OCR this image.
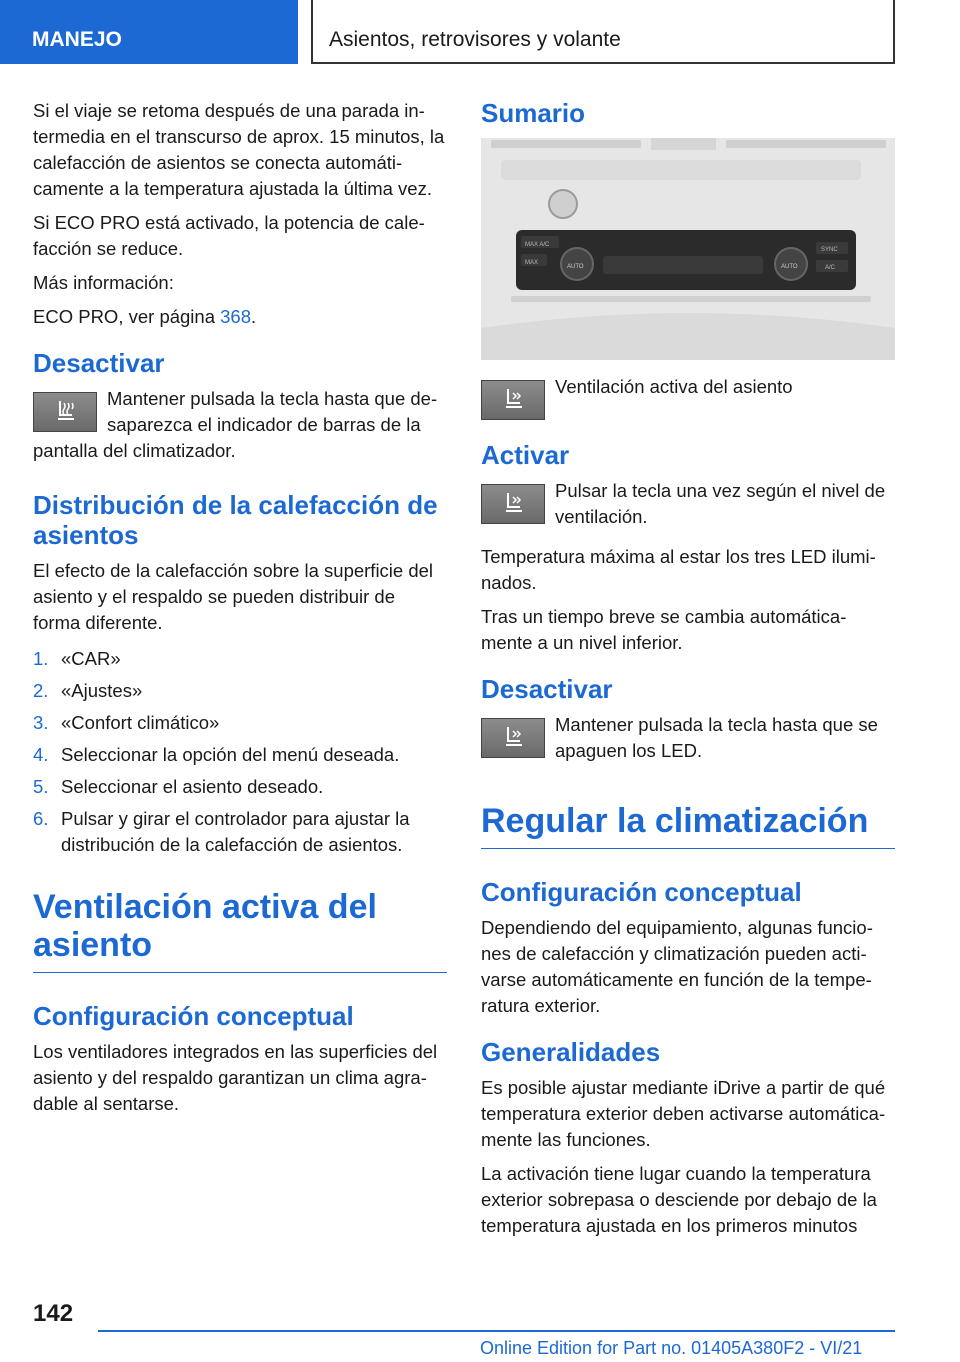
MANEJO	Asientos, retrovisores y volante

Si el viaje se retoma después de una parada in-termedia en el transcurso de aprox. 15 minutos, la calefacción de asientos se conecta automáti-camente a la temperatura ajustada la última vez.

Si ECO PRO está activado, la potencia de cale-facción se reduce.

Más información:

ECO PRO, ver página 368.

Desactivar

Mantener pulsada la tecla hasta que de-saparezca el indicador de barras de la pantalla del climatizador.

Distribución de la calefacción de asientos

El efecto de la calefacción sobre la superficie del asiento y el respaldo se pueden distribuir de forma diferente.

1. «CAR»
2. «Ajustes»
3. «Confort climático»
4. Seleccionar la opción del menú deseada.
5. Seleccionar el asiento deseado.
6. Pulsar y girar el controlador para ajustar la distribución de la calefacción de asientos.
Ventilación activa del asiento
Configuración conceptual

Los ventiladores integrados en las superficies del asiento y del respaldo garantizan un clima agra-dable al sentarse.

Sumario
MAX A/C
MAX
AUTO	AUTO
SYNC
A/C

Ventilación activa del asiento

Activar

Pulsar la tecla una vez según el nivel de ventilación.

Temperatura máxima al estar los tres LED ilumi-nados.

Tras un tiempo breve se cambia automática-mente a un nivel inferior.

Desactivar

Mantener pulsada la tecla hasta que se apaguen los LED.

Regular la climatización
Configuración conceptual

Dependiendo del equipamiento, algunas funcio-nes de calefacción y climatización pueden acti-varse automáticamente en función de la tempe-ratura exterior.

Generalidades

Es posible ajustar mediante iDrive a partir de qué temperatura exterior deben activarse automática-mente las funciones.

La activación tiene lugar cuando la temperatura exterior sobrepasa o desciende por debajo de la temperatura ajustada en los primeros minutos

142
Online Edition for Part no. 01405A380F2 - VI/21
